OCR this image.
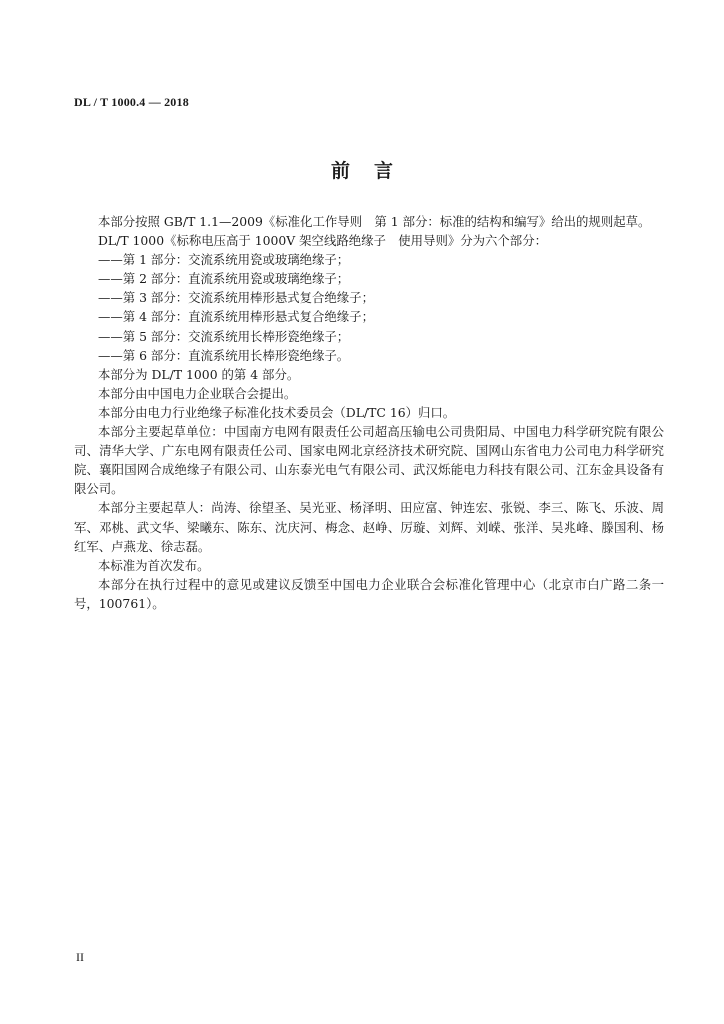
DL / T 1000.4 — 2018
前言

本部分按照 GB/T 1.1—2009《标准化工作导则　第 1 部分：标准的结构和编写》给出的规则起草。

DL/T 1000《标称电压高于 1000V 架空线路绝缘子　使用导则》分为六个部分：

——第 1 部分：交流系统用瓷或玻璃绝缘子；

——第 2 部分：直流系统用瓷或玻璃绝缘子；

——第 3 部分：交流系统用棒形悬式复合绝缘子；

——第 4 部分：直流系统用棒形悬式复合绝缘子；

——第 5 部分：交流系统用长棒形瓷绝缘子；

——第 6 部分：直流系统用长棒形瓷绝缘子。

本部分为 DL/T 1000 的第 4 部分。

本部分由中国电力企业联合会提出。

本部分由电力行业绝缘子标准化技术委员会（DL/TC 16）归口。

本部分主要起草单位：中国南方电网有限责任公司超高压输电公司贵阳局、中国电力科学研究院有限公司、清华大学、广东电网有限责任公司、国家电网北京经济技术研究院、国网山东省电力公司电力科学研究院、襄阳国网合成绝缘子有限公司、山东泰光电气有限公司、武汉烁能电力科技有限公司、江东金具设备有限公司。

本部分主要起草人：尚涛、徐望圣、吴光亚、杨泽明、田应富、钟连宏、张锐、李三、陈飞、乐波、周军、邓桃、武文华、梁曦东、陈东、沈庆河、梅念、赵峥、厉璇、刘辉、刘嵘、张洋、吴兆峰、滕国利、杨红军、卢燕龙、徐志磊。

本标准为首次发布。

本部分在执行过程中的意见或建议反馈至中国电力企业联合会标准化管理中心（北京市白广路二条一号，100761）。

II
